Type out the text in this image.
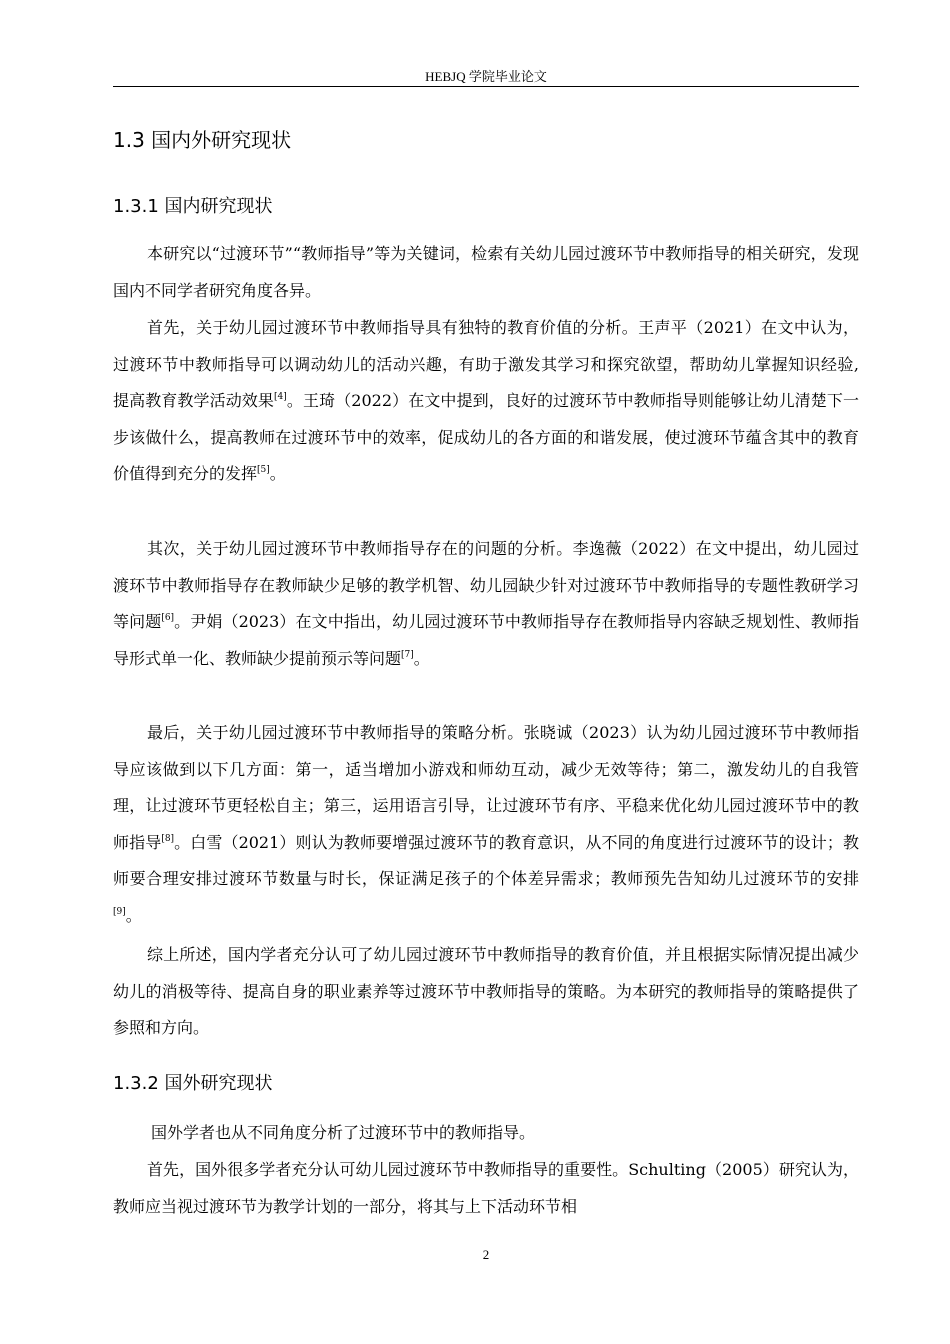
HEBJQ 学院毕业论文
1.3 国内外研究现状
1.3.1 国内研究现状

本研究以“过渡环节”“教师指导”等为关键词，检索有关幼儿园过渡环节中教师指导的相关研究，发现国内不同学者研究角度各异。

首先，关于幼儿园过渡环节中教师指导具有独特的教育价值的分析。王声平（2021）在文中认为，过渡环节中教师指导可以调动幼儿的活动兴趣，有助于激发其学习和探究欲望，帮助幼儿掌握知识经验, 提高教育教学活动效果[4]。王琦（2022）在文中提到，良好的过渡环节中教师指导则能够让幼儿清楚下一步该做什么，提高教师在过渡环节中的效率，促成幼儿的各方面的和谐发展，使过渡环节蕴含其中的教育价值得到充分的发挥[5]。

其次，关于幼儿园过渡环节中教师指导存在的问题的分析。李逸薇（2022）在文中提出，幼儿园过渡环节中教师指导存在教师缺少足够的教学机智、幼儿园缺少针对过渡环节中教师指导的专题性教研学习等问题[6]。尹娟（2023）在文中指出，幼儿园过渡环节中教师指导存在教师指导内容缺乏规划性、教师指导形式单一化、教师缺少提前预示等问题[7]。

最后，关于幼儿园过渡环节中教师指导的策略分析。张晓诚（2023）认为幼儿园过渡环节中教师指导应该做到以下几方面：第一，适当增加小游戏和师幼互动，减少无效等待；第二，激发幼儿的自我管理，让过渡环节更轻松自主；第三，运用语言引导，让过渡环节有序、平稳来优化幼儿园过渡环节中的教师指导[8]。白雪（2021）则认为教师要增强过渡环节的教育意识，从不同的角度进行过渡环节的设计；教师要合理安排过渡环节数量与时长，保证满足孩子的个体差异需求；教师预先告知幼儿过渡环节的安排[9]。

综上所述，国内学者充分认可了幼儿园过渡环节中教师指导的教育价值，并且根据实际情况提出减少幼儿的消极等待、提高自身的职业素养等过渡环节中教师指导的策略。为本研究的教师指导的策略提供了参照和方向。

1.3.2 国外研究现状

国外学者也从不同角度分析了过渡环节中的教师指导。

首先，国外很多学者充分认可幼儿园过渡环节中教师指导的重要性。Schulting（2005）研究认为，教师应当视过渡环节为教学计划的一部分，将其与上下活动环节相

2
